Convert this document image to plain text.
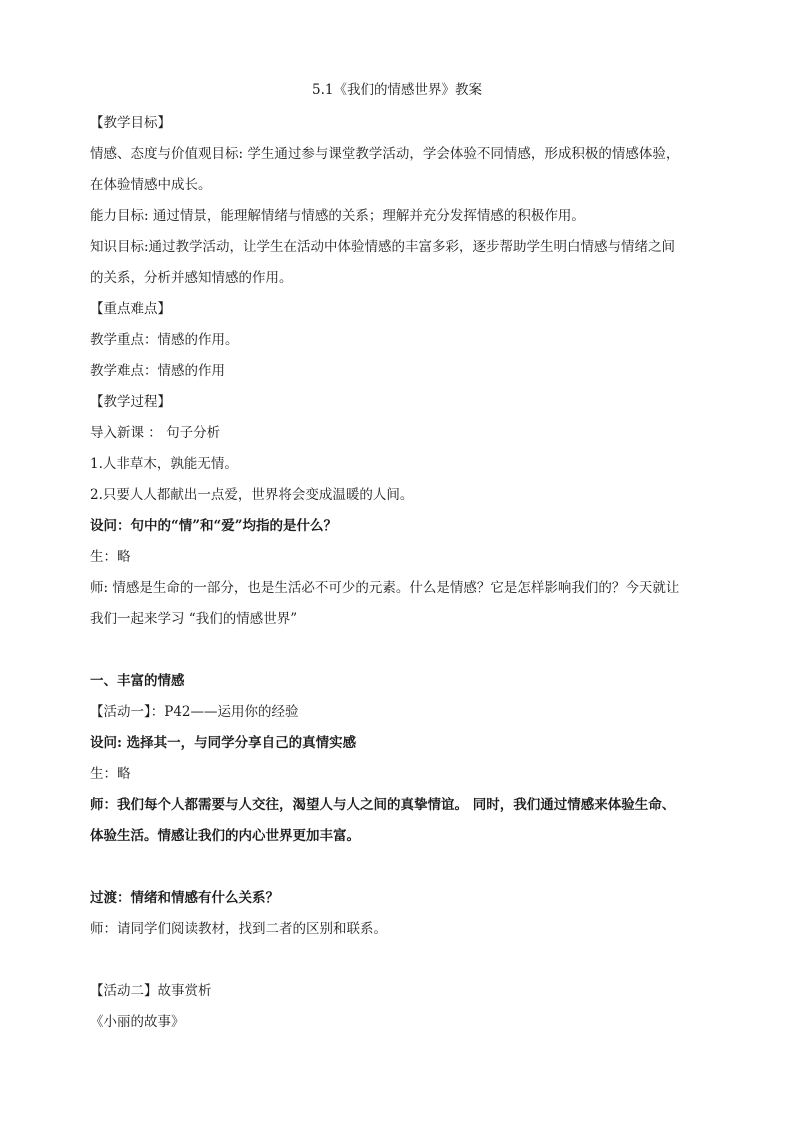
5.1《我们的情感世界》教案
【教学目标】
情感、态度与价值观目标: 学生通过参与课堂教学活动，学会体验不同情感，形成积极的情感体验，
在体验情感中成长。
能力目标: 通过情景，能理解情绪与情感的关系；理解并充分发挥情感的积极作用。
知识目标:通过教学活动，让学生在活动中体验情感的丰富多彩，逐步帮助学生明白情感与情绪之间
的关系，分析并感知情感的作用。
【重点难点】
教学重点：情感的作用。
教学难点：情感的作用
【教学过程】
导入新课 ： 句子分析
1.人非草木，孰能无情。
2.只要人人都献出一点爱，世界将会变成温暖的人间。
设问：句中的“情”和“爱”均指的是什么？
生：略
师: 情感是生命的一部分，也是生活必不可少的元素。什么是情感？它是怎样影响我们的？今天就让
我们一起来学习 “我们的情感世界”
一、丰富的情感
【活动一】：P42——运用你的经验
设问: 选择其一，与同学分享自己的真情实感
生：略
师：我们每个人都需要与人交往，渴望人与人之间的真挚情谊。 同时，我们通过情感来体验生命、
体验生活。情感让我们的内心世界更加丰富。
过渡：情绪和情感有什么关系？
师：请同学们阅读教材，找到二者的区别和联系。
【活动二】故事赏析
《小丽的故事》
